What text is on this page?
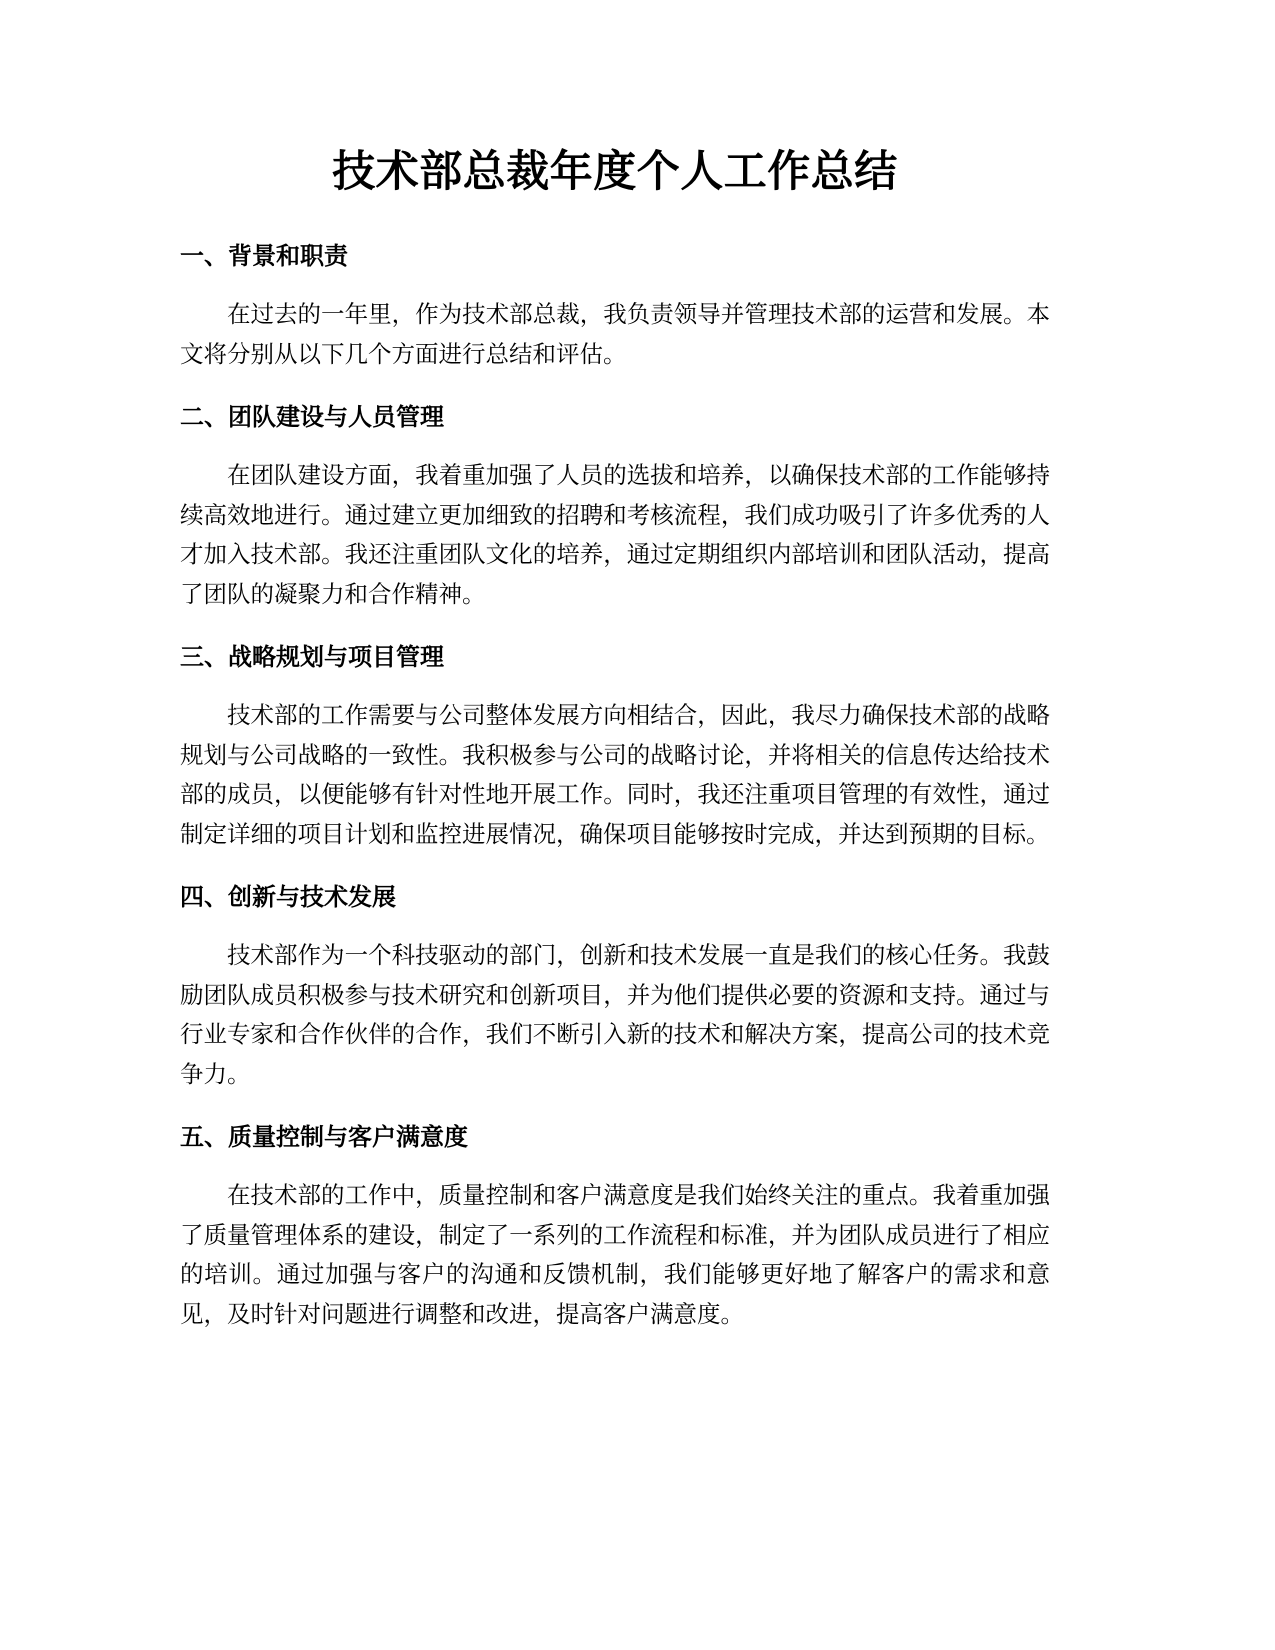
技术部总裁年度个人工作总结
一、背景和职责

在过去的一年里，作为技术部总裁，我负责领导并管理技术部的运营和发展。本文将分别从以下几个方面进行总结和评估。

二、团队建设与人员管理

在团队建设方面，我着重加强了人员的选拔和培养，以确保技术部的工作能够持续高效地进行。通过建立更加细致的招聘和考核流程，我们成功吸引了许多优秀的人才加入技术部。我还注重团队文化的培养，通过定期组织内部培训和团队活动，提高了团队的凝聚力和合作精神。

三、战略规划与项目管理

技术部的工作需要与公司整体发展方向相结合，因此，我尽力确保技术部的战略规划与公司战略的一致性。我积极参与公司的战略讨论，并将相关的信息传达给技术部的成员，以便能够有针对性地开展工作。同时，我还注重项目管理的有效性，通过制定详细的项目计划和监控进展情况，确保项目能够按时完成，并达到预期的目标。

四、创新与技术发展

技术部作为一个科技驱动的部门，创新和技术发展一直是我们的核心任务。我鼓励团队成员积极参与技术研究和创新项目，并为他们提供必要的资源和支持。通过与行业专家和合作伙伴的合作，我们不断引入新的技术和解决方案，提高公司的技术竞争力。

五、质量控制与客户满意度

在技术部的工作中，质量控制和客户满意度是我们始终关注的重点。我着重加强了质量管理体系的建设，制定了一系列的工作流程和标准，并为团队成员进行了相应的培训。通过加强与客户的沟通和反馈机制，我们能够更好地了解客户的需求和意见，及时针对问题进行调整和改进，提高客户满意度。
